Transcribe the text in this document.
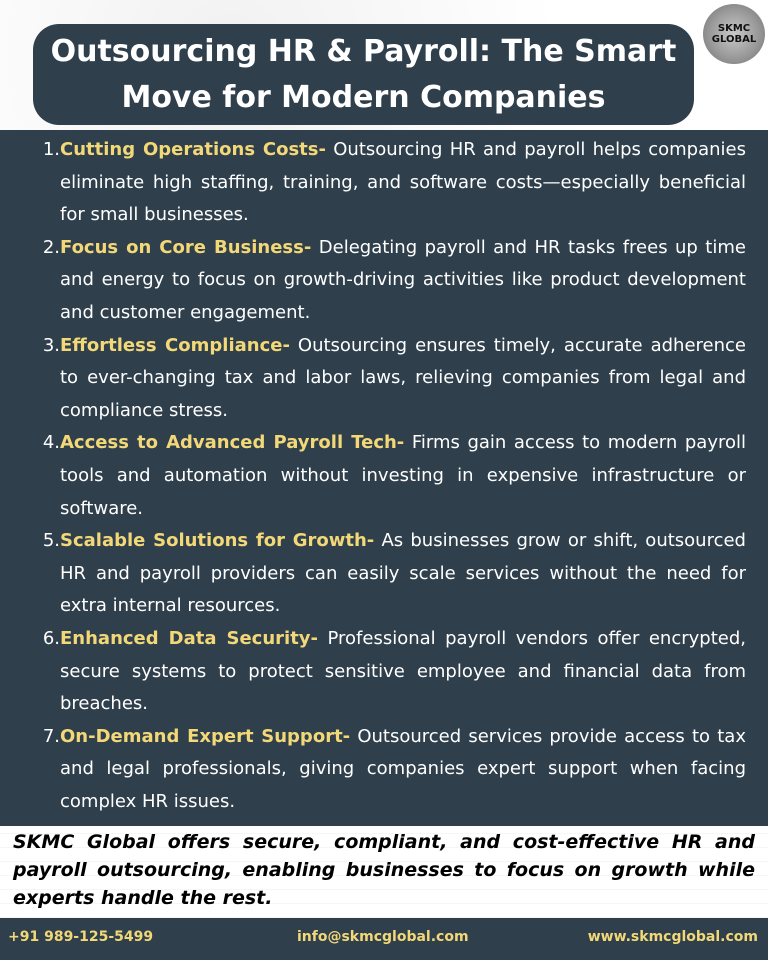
Outsourcing HR & Payroll: The Smart Move for Modern Companies
SKMC
GLOBAL
1. Cutting Operations Costs- Outsourcing HR and payroll helps companies eliminate high staffing, training, and software costs—especially beneficial for small businesses.
2. Focus on Core Business- Delegating payroll and HR tasks frees up time and energy to focus on growth-driving activities like product development and customer engagement.
3. Effortless Compliance- Outsourcing ensures timely, accurate adherence to ever-changing tax and labor laws, relieving companies from legal and compliance stress.
4. Access to Advanced Payroll Tech- Firms gain access to modern payroll tools and automation without investing in expensive infrastructure or software.
5. Scalable Solutions for Growth- As businesses grow or shift, outsourced HR and payroll providers can easily scale services without the need for extra internal resources.
6. Enhanced Data Security- Professional payroll vendors offer encrypted, secure systems to protect sensitive employee and financial data from breaches.
7. On-Demand Expert Support- Outsourced services provide access to tax and legal professionals, giving companies expert support when facing complex HR issues.

SKMC Global offers secure, compliant, and cost-effective HR and payroll outsourcing, enabling businesses to focus on growth while experts handle the rest.

+91 989-125-5499	info@skmcglobal.com	www.skmcglobal.com
